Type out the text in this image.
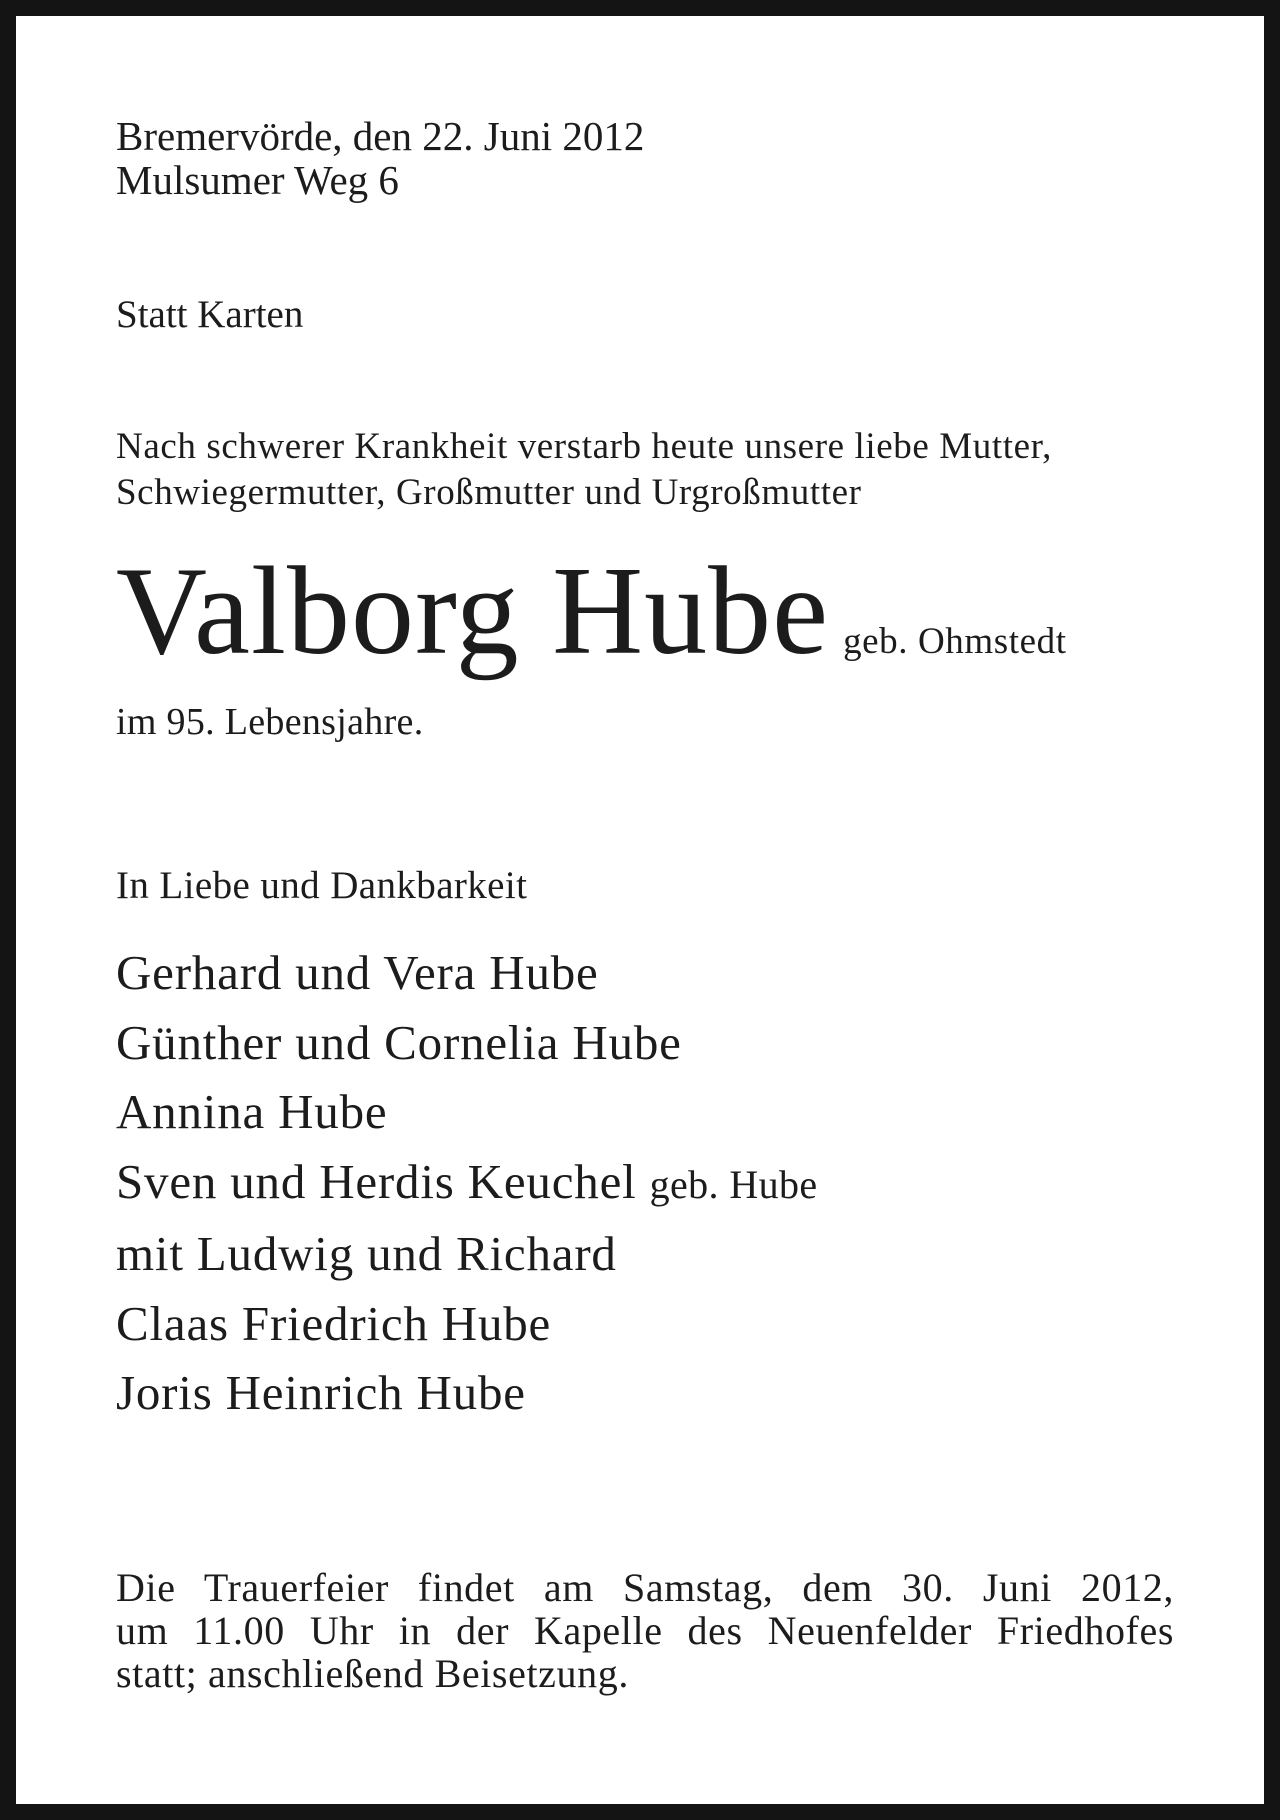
Bremervörde, den 22. Juni 2012
Mulsumer Weg 6
Statt Karten
Nach schwerer Krankheit verstarb heute unsere liebe Mutter,
Schwiegermutter, Großmutter und Urgroßmutter
Valborg Hube geb. Ohmstedt
im 95. Lebensjahre.
In Liebe und Dankbarkeit
Gerhard und Vera Hube
Günther und Cornelia Hube
Annina Hube
Sven und Herdis Keuchel geb. Hube
mit Ludwig und Richard
Claas Friedrich Hube
Joris Heinrich Hube
Die Trauerfeier findet am Samstag, dem 30. Juni 2012,
um 11.00 Uhr in der Kapelle des Neuenfelder Friedhofes
statt; anschließend Beisetzung.
